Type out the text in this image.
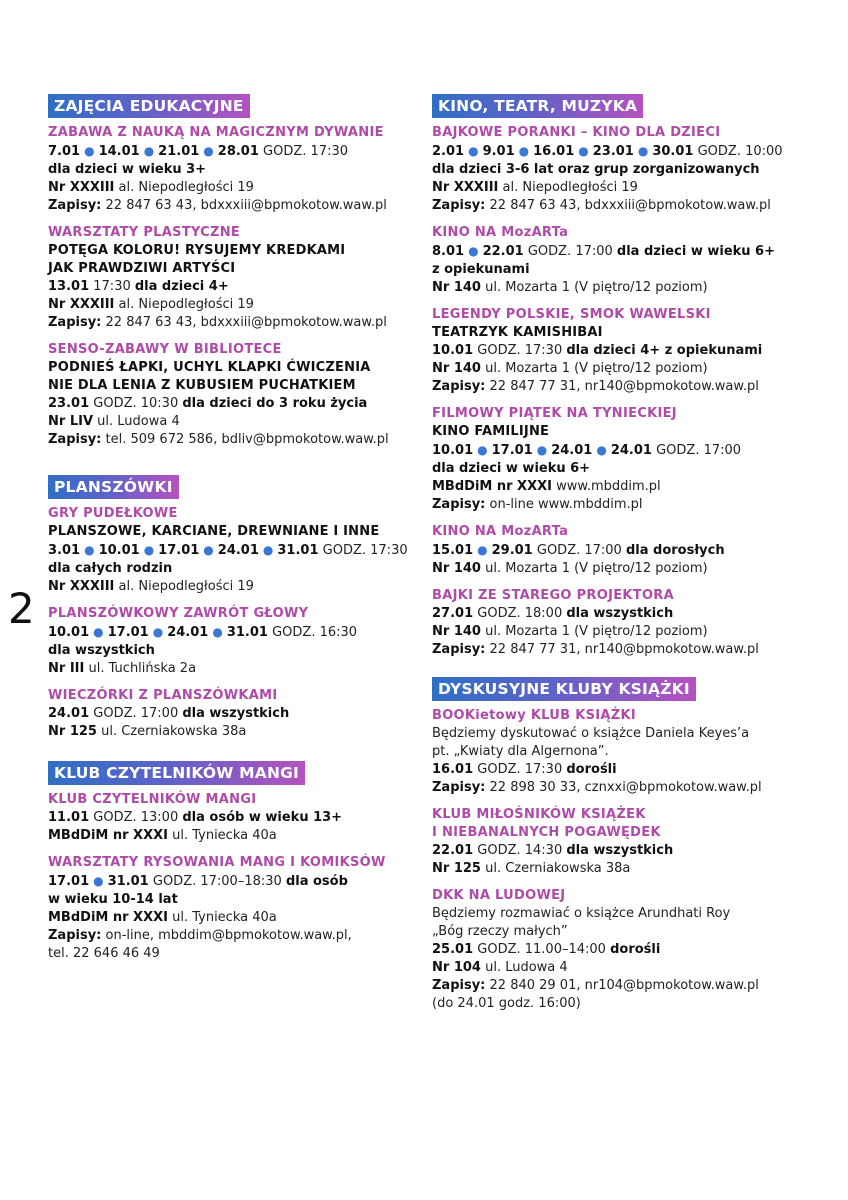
2
ZAJĘCIA EDUKACYJNE
ZABAWA Z NAUKĄ NA MAGICZNYM DYWANIE
7.01 ● 14.01 ● 21.01 ● 28.01 GODZ. 17:30
dla dzieci w wieku 3+
Nr XXXIII al. Niepodległości 19
Zapisy: 22 847 63 43, bdxxxiii@bpmokotow.waw.pl
WARSZTATY PLASTYCZNE
POTĘGA KOLORU! RYSUJEMY KREDKAMI
JAK PRAWDZIWI ARTYŚCI
13.01 17:30 dla dzieci 4+
Nr XXXIII al. Niepodległości 19
Zapisy: 22 847 63 43, bdxxxiii@bpmokotow.waw.pl
SENSO-ZABAWY W BIBLIOTECE
PODNIEŚ ŁAPKI, UCHYL KLAPKI ĆWICZENIA
NIE DLA LENIA Z KUBUSIEM PUCHATKIEM
23.01 GODZ. 10:30 dla dzieci do 3 roku życia
Nr LIV ul. Ludowa 4
Zapisy: tel. 509 672 586, bdliv@bpmokotow.waw.pl
PLANSZÓWKI
GRY PUDEŁKOWE
PLANSZOWE, KARCIANE, DREWNIANE I INNE
3.01 ● 10.01 ● 17.01 ● 24.01 ● 31.01 GODZ. 17:30
dla całych rodzin
Nr XXXIII al. Niepodległości 19
PLANSZÓWKOWY ZAWRÓT GŁOWY
10.01 ● 17.01 ● 24.01 ● 31.01 GODZ. 16:30
dla wszystkich
Nr III ul. Tuchlińska 2a
WIECZÓRKI Z PLANSZÓWKAMI
24.01 GODZ. 17:00 dla wszystkich
Nr 125 ul. Czerniakowska 38a
KLUB CZYTELNIKÓW MANGI
KLUB CZYTELNIKÓW MANGI
11.01 GODZ. 13:00 dla osób w wieku 13+
MBdDiM nr XXXI ul. Tyniecka 40a
WARSZTATY RYSOWANIA MANG I KOMIKSÓW
17.01 ● 31.01 GODZ. 17:00–18:30 dla osób
w wieku 10-14 lat
MBdDiM nr XXXI ul. Tyniecka 40a
Zapisy: on-line, mbddim@bpmokotow.waw.pl,
tel. 22 646 46 49
KINO, TEATR, MUZYKA
BAJKOWE PORANKI – KINO DLA DZIECI
2.01 ● 9.01 ● 16.01 ● 23.01 ● 30.01 GODZ. 10:00
dla dzieci 3-6 lat oraz grup zorganizowanych
Nr XXXIII al. Niepodległości 19
Zapisy: 22 847 63 43, bdxxxiii@bpmokotow.waw.pl
KINO NA MozARTa
8.01 ● 22.01 GODZ. 17:00 dla dzieci w wieku 6+
z opiekunami
Nr 140 ul. Mozarta 1 (V piętro/12 poziom)
LEGENDY POLSKIE, SMOK WAWELSKI
TEATRZYK KAMISHIBAI
10.01 GODZ. 17:30 dla dzieci 4+ z opiekunami
Nr 140 ul. Mozarta 1 (V piętro/12 poziom)
Zapisy: 22 847 77 31, nr140@bpmokotow.waw.pl
FILMOWY PIĄTEK NA TYNIECKIEJ
KINO FAMILIJNE
10.01 ● 17.01 ● 24.01 ● 24.01 GODZ. 17:00
dla dzieci w wieku 6+
MBdDiM nr XXXI www.mbddim.pl
Zapisy: on-line www.mbddim.pl
KINO NA MozARTa
15.01 ● 29.01 GODZ. 17:00 dla dorosłych
Nr 140 ul. Mozarta 1 (V piętro/12 poziom)
BAJKI ZE STAREGO PROJEKTORA
27.01 GODZ. 18:00 dla wszystkich
Nr 140 ul. Mozarta 1 (V piętro/12 poziom)
Zapisy: 22 847 77 31, nr140@bpmokotow.waw.pl
DYSKUSYJNE KLUBY KSIĄŻKI
BOOKietowy KLUB KSIĄŻKI
Będziemy dyskutować o książce Daniela Keyes’a
pt. „Kwiaty dla Algernona”.
16.01 GODZ. 17:30 dorośli
Zapisy: 22 898 30 33, cznxxi@bpmokotow.waw.pl
KLUB MIŁOŚNIKÓW KSIĄŻEK
I NIEBANALNYCH POGAWĘDEK
22.01 GODZ. 14:30 dla wszystkich
Nr 125 ul. Czerniakowska 38a
DKK NA LUDOWEJ
Będziemy rozmawiać o książce Arundhati Roy
„Bóg rzeczy małych”
25.01 GODZ. 11.00–14:00 dorośli
Nr 104 ul. Ludowa 4
Zapisy: 22 840 29 01, nr104@bpmokotow.waw.pl
(do 24.01 godz. 16:00)
